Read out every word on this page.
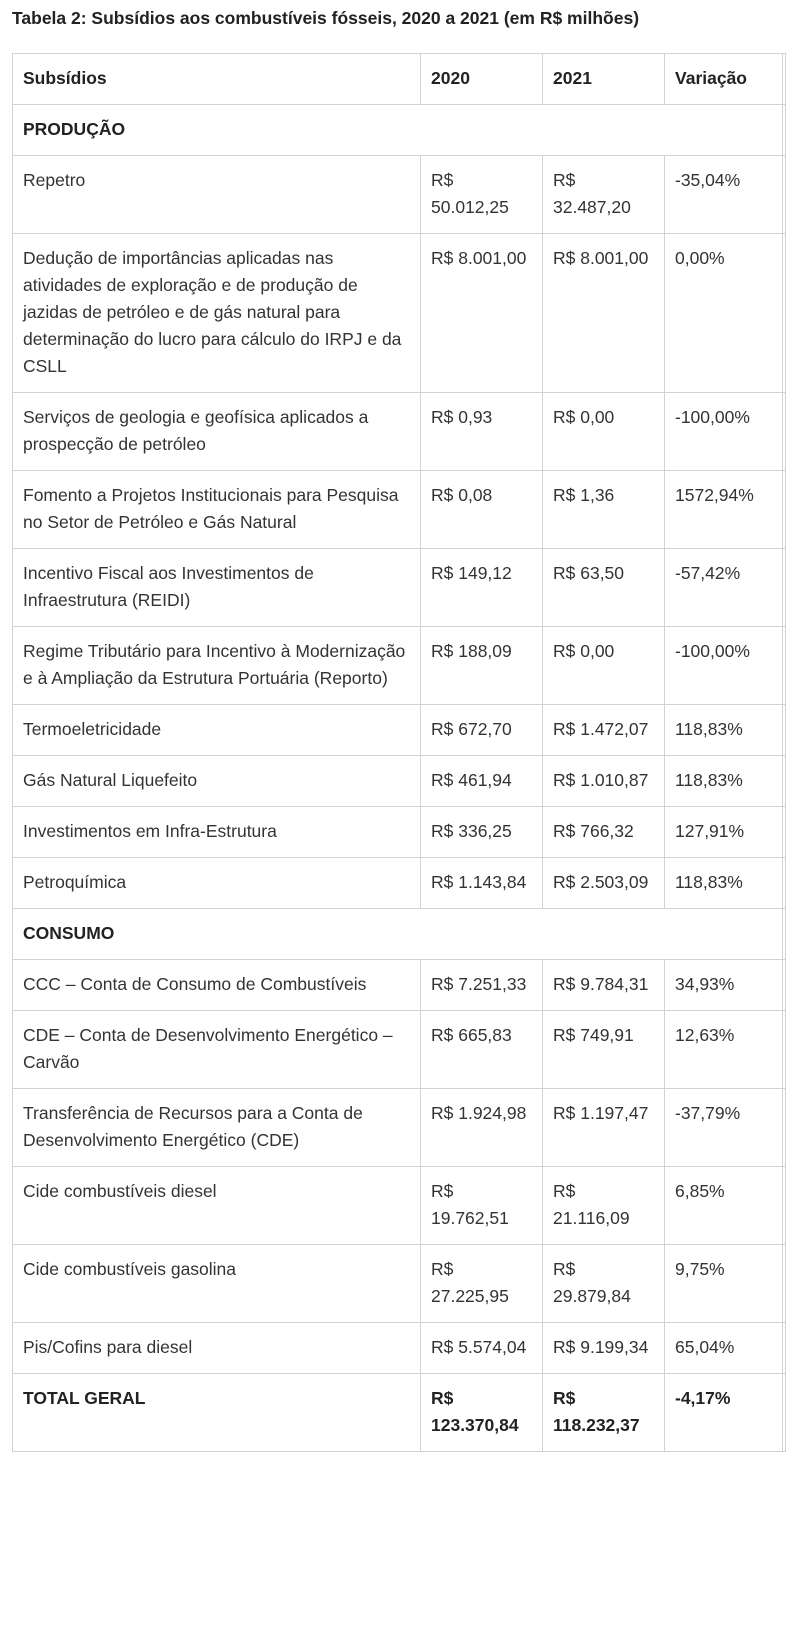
Tabela 2: Subsídios aos combustíveis fósseis, 2020 a 2021 (em R$ milhões)
Subsídios	2020	2021	Variação	
PRODUÇÃO				
Repetro	R$ 50.012,25	R$ 32.487,20	-35,04%	
Dedução de importâncias aplicadas nas atividades de exploração e de produção de jazidas de petróleo e de gás natural para determinação do lucro para cálculo do IRPJ e da CSLL	R$ 8.001,00	R$ 8.001,00	0,00%	
Serviços de geologia e geofísica aplicados a prospecção de petróleo	R$ 0,93	R$ 0,00	-100,00%	
Fomento a Projetos Institucionais para Pesquisa no Setor de Petróleo e Gás Natural	R$ 0,08	R$ 1,36	1572,94%	
Incentivo Fiscal aos Investimentos de Infraestrutura (REIDI)	R$ 149,12	R$ 63,50	-57,42%	
Regime Tributário para Incentivo à Modernização e à Ampliação da Estrutura Portuária (Reporto)	R$ 188,09	R$ 0,00	-100,00%	
Termoeletricidade	R$ 672,70	R$ 1.472,07	118,83%	
Gás Natural Liquefeito	R$ 461,94	R$ 1.010,87	118,83%	
Investimentos em Infra-Estrutura	R$ 336,25	R$ 766,32	127,91%	
Petroquímica	R$ 1.143,84	R$ 2.503,09	118,83%	
CONSUMO				
CCC – Conta de Consumo de Combustíveis	R$ 7.251,33	R$ 9.784,31	34,93%	
CDE – Conta de Desenvolvimento Energético – Carvão	R$ 665,83	R$ 749,91	12,63%	
Transferência de Recursos para a Conta de Desenvolvimento Energético (CDE)	R$ 1.924,98	R$ 1.197,47	-37,79%	
Cide combustíveis diesel	R$ 19.762,51	R$ 21.116,09	6,85%	
Cide combustíveis gasolina	R$ 27.225,95	R$ 29.879,84	9,75%	
Pis/Cofins para diesel	R$ 5.574,04	R$ 9.199,34	65,04%	
TOTAL GERAL	R$ 123.370,84	R$ 118.232,37	-4,17%	
